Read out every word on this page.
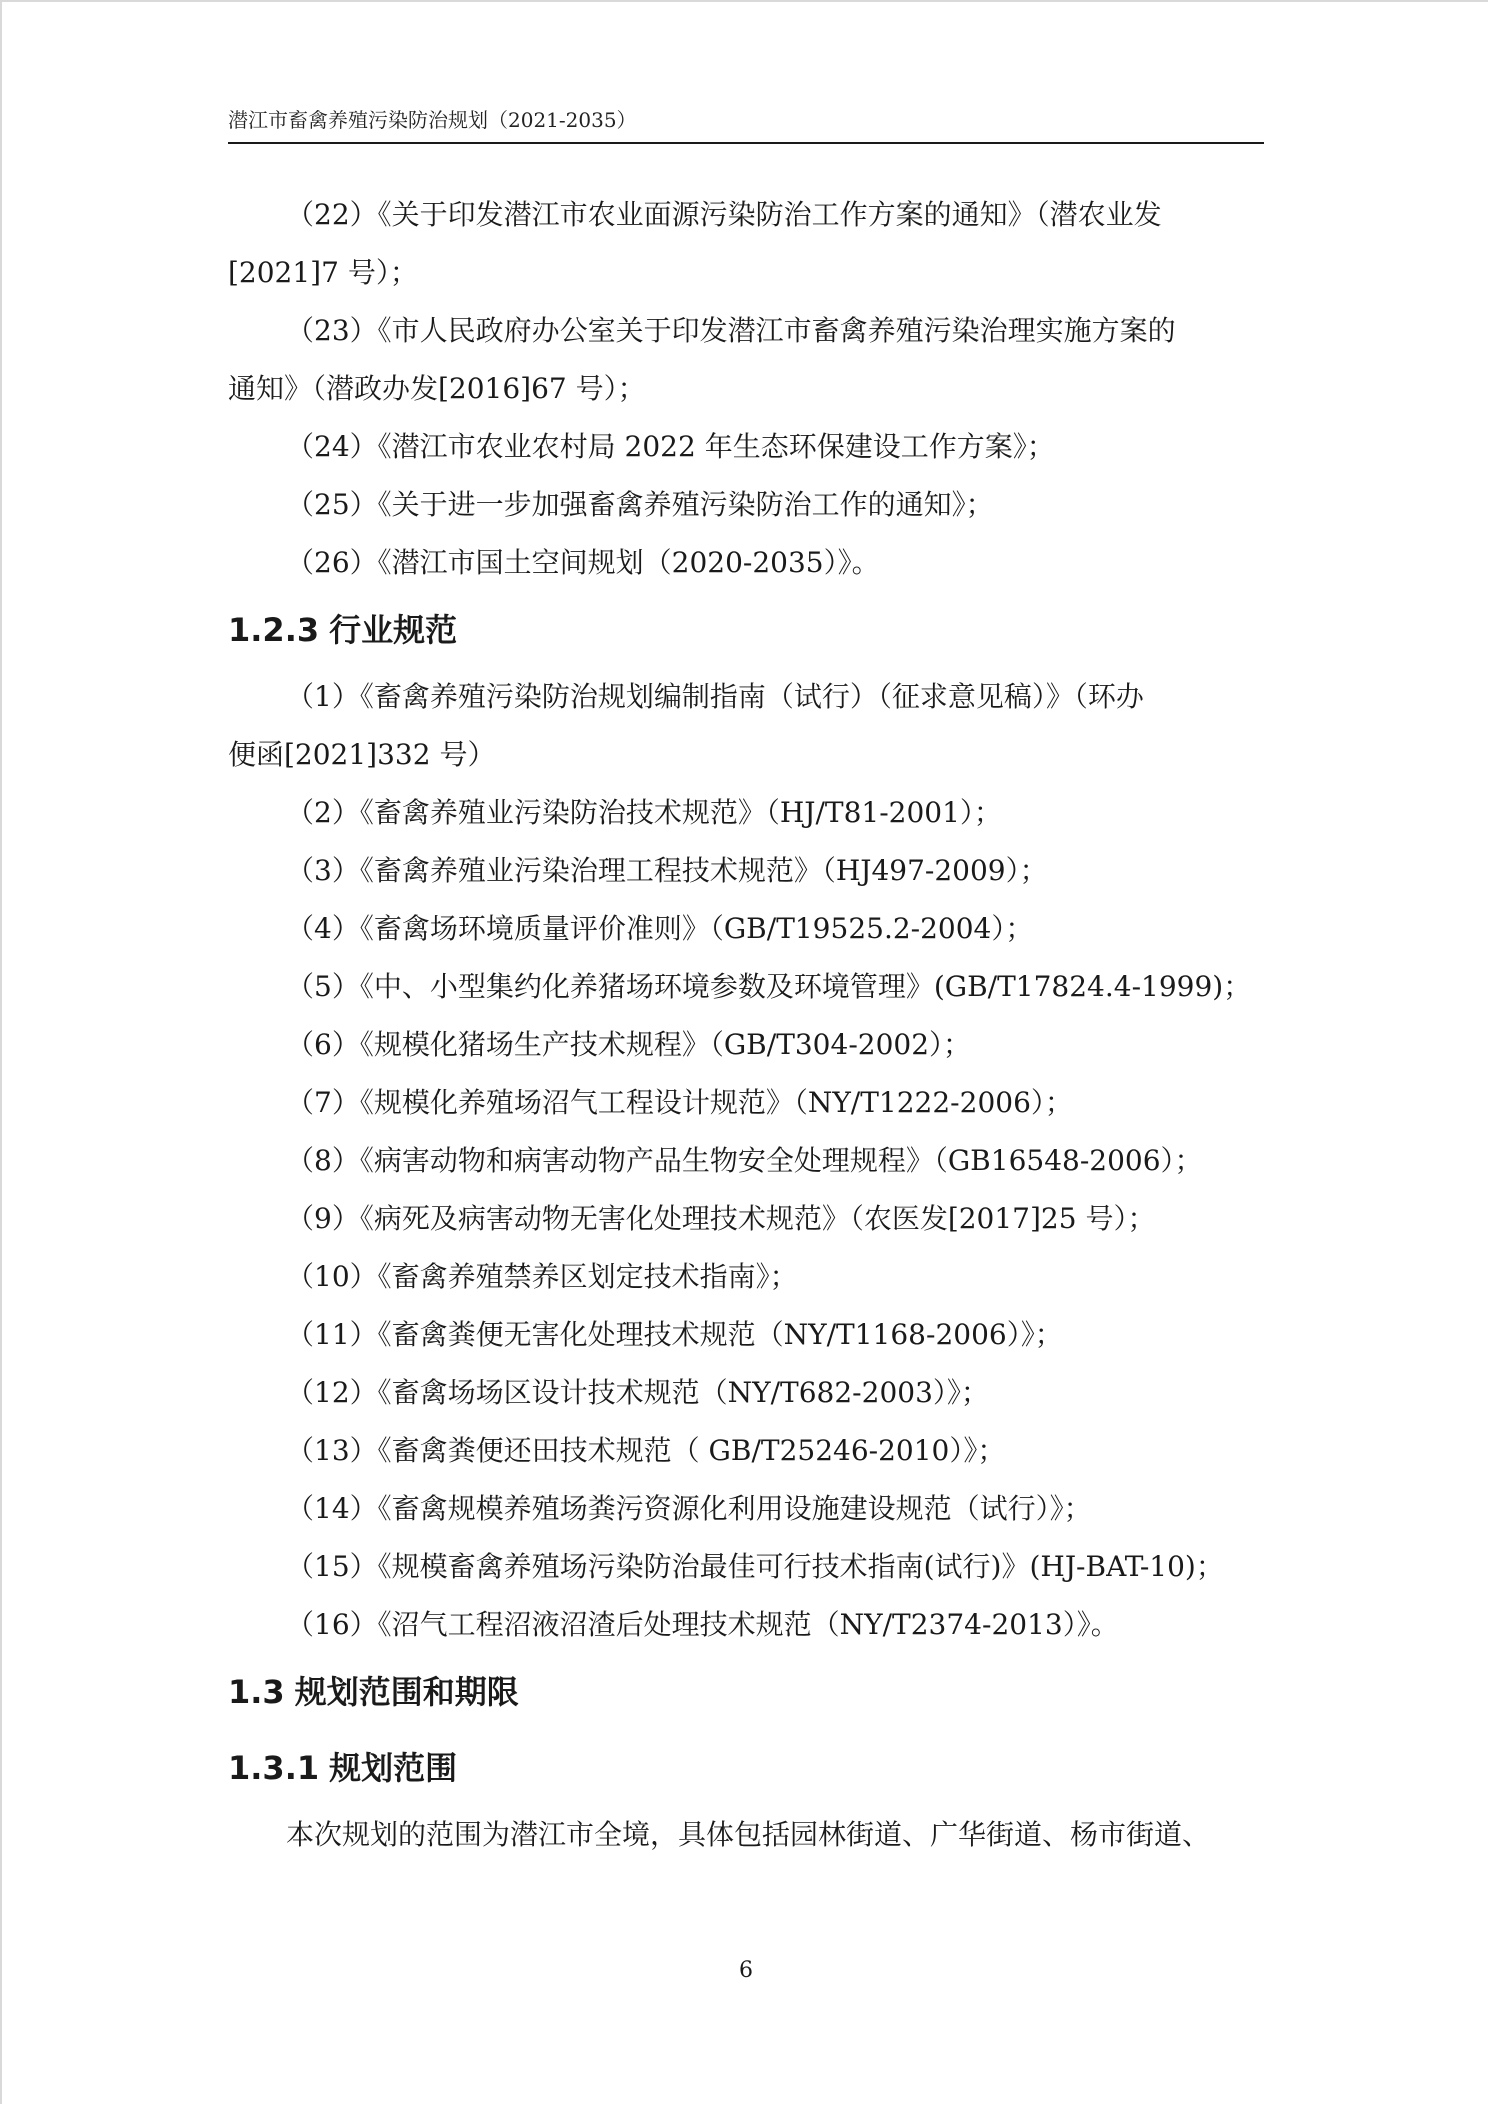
潜江市畜禽养殖污染防治规划（2021-2035）

（22）《关于印发潜江市农业面源污染防治工作方案的通知》（潜农业发

[2021]7 号）；

（23）《市人民政府办公室关于印发潜江市畜禽养殖污染治理实施方案的

通知》（潜政办发[2016]67 号）；

（24）《潜江市农业农村局 2022 年生态环保建设工作方案》；

（25）《关于进一步加强畜禽养殖污染防治工作的通知》；

（26）《潜江市国土空间规划（2020-2035）》。

1.2.3 行业规范

（1）《畜禽养殖污染防治规划编制指南（试行）（征求意见稿）》（环办

便函[2021]332 号）

（2）《畜禽养殖业污染防治技术规范》（HJ/T81-2001）；

（3）《畜禽养殖业污染治理工程技术规范》（HJ497-2009）；

（4）《畜禽场环境质量评价准则》（GB/T19525.2-2004）；

（5）《中、小型集约化养猪场环境参数及环境管理》(GB/T17824.4-1999)；

（6）《规模化猪场生产技术规程》（GB/T304-2002）；

（7）《规模化养殖场沼气工程设计规范》（NY/T1222-2006）；

（8）《病害动物和病害动物产品生物安全处理规程》（GB16548-2006）；

（9）《病死及病害动物无害化处理技术规范》（农医发[2017]25 号）；

（10）《畜禽养殖禁养区划定技术指南》；

（11）《畜禽粪便无害化处理技术规范（NY/T1168-2006）》；

（12）《畜禽场场区设计技术规范（NY/T682-2003）》；

（13）《畜禽粪便还田技术规范（ GB/T25246-2010）》；

（14）《畜禽规模养殖场粪污资源化利用设施建设规范（试行）》；

（15）《规模畜禽养殖场污染防治最佳可行技术指南(试行)》(HJ-BAT-10)；

（16）《沼气工程沼液沼渣后处理技术规范（NY/T2374-2013）》。

1.3 规划范围和期限
1.3.1 规划范围

本次规划的范围为潜江市全境，具体包括园林街道、广华街道、杨市街道、

6
